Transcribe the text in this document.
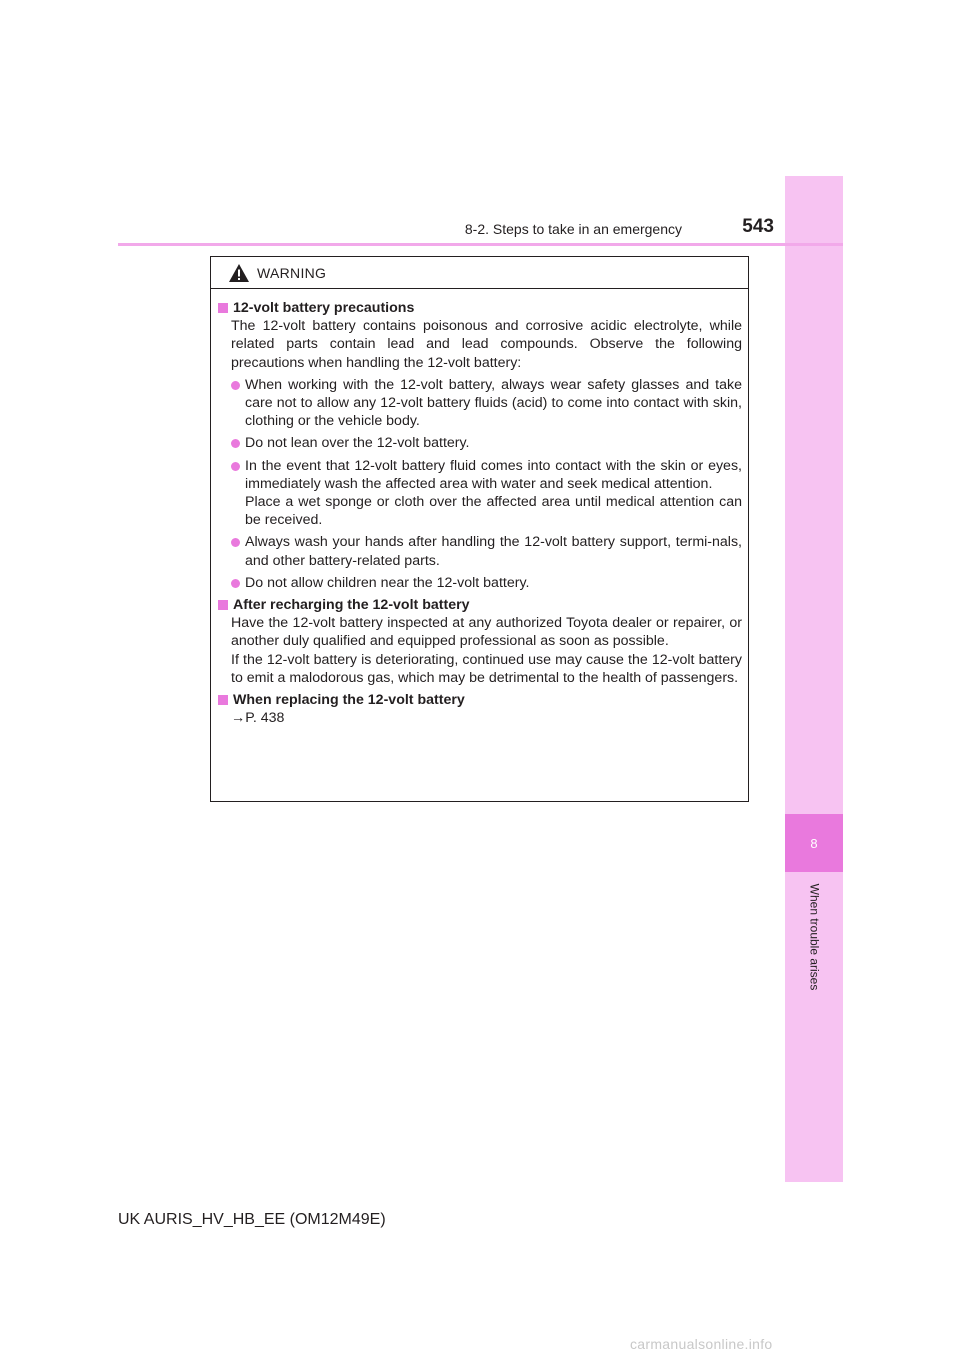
8
When trouble arises
8-2. Steps to take in an emergency	543
WARNING
12-volt battery precautions
The 12-volt battery contains poisonous and corrosive acidic electrolyte, while related parts contain lead and lead compounds. Observe the following precautions when handling the 12-volt battery:
When working with the 12-volt battery, always wear safety glasses and take care not to allow any 12-volt battery fluids (acid) to come into contact with skin, clothing or the vehicle body.
Do not lean over the 12-volt battery.
In the event that 12-volt battery fluid comes into contact with the skin or eyes, immediately wash the affected area with water and seek medical attention.
Place a wet sponge or cloth over the affected area until medical attention can be received.
Always wash your hands after handling the 12-volt battery support, termi-nals, and other battery-related parts.
Do not allow children near the 12-volt battery.
After recharging the 12-volt battery
Have the 12-volt battery inspected at any authorized Toyota dealer or repairer, or another duly qualified and equipped professional as soon as possible.
If the 12-volt battery is deteriorating, continued use may cause the 12-volt battery to emit a malodorous gas, which may be detrimental to the health of passengers.
When replacing the 12-volt battery
→P. 438
UK AURIS_HV_HB_EE (OM12M49E)
carmanualsonline.info
